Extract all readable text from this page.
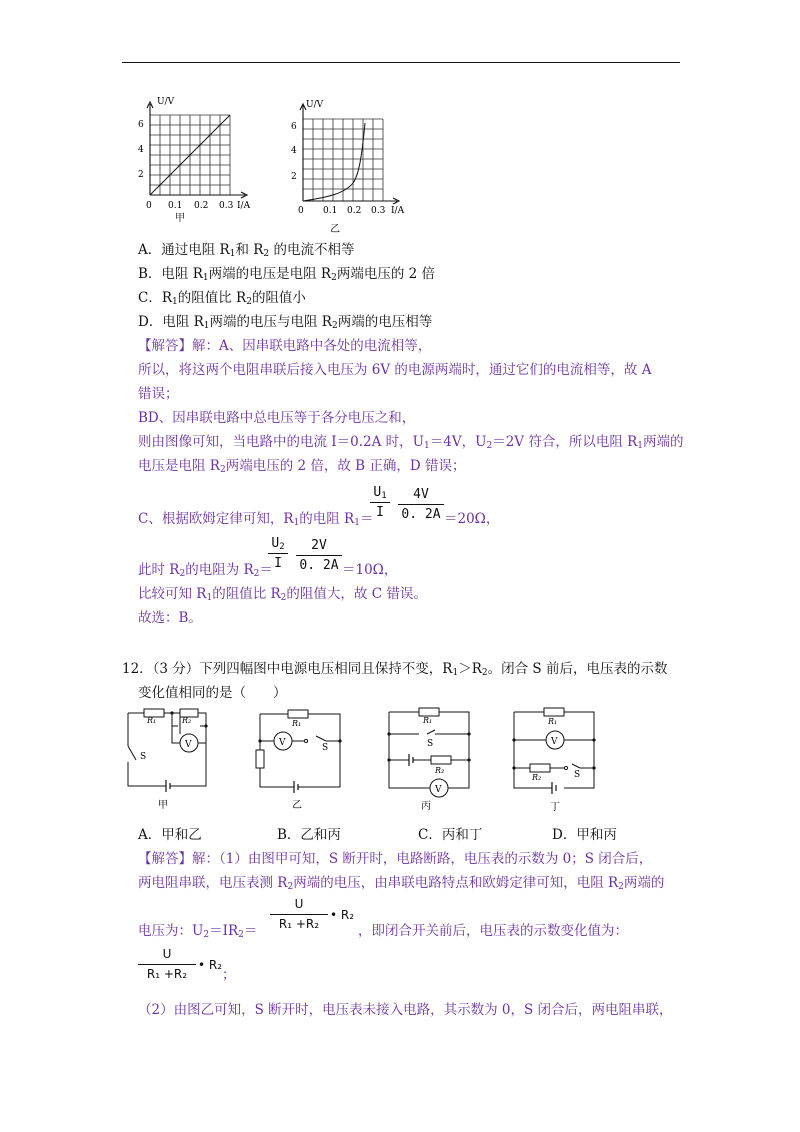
U/V
6
4
2
0 0.1 0.2 0.3 I/A
甲
U/V
6
4
2
0 0.1 0.2 0.3 I/A
乙
A．通过电阻 $R_1$和 $R_2$ 的电流不相等
B．电阻 $R_1$两端的电压是电阻 $R_2$两端电压的 2 倍
C．$R_1$的阻值比 $R_2$的阻值小
D．电阻 $R_1$两端的电压与电阻 $R_2$两端的电压相等
【解答】解：A、因串联电路中各处的电流相等，
所以，将这两个电阻串联后接入电压为 6V 的电源两端时，通过它们的电流相等，故 A
错误；
BD、因串联电路中总电压等于各分电压之和，
则由图像可知，当电路中的电流 I＝0.2A 时，$U_1=4V$，$U_2=2V$ 符合，所以电阻 $R_1$两端的
电压是电阻 $R_2$两端电压的 2 倍，故 B 正确，D 错误；
C、根据欧姆定律可知，$R_1$的电阻 $R_1=$
$U_1$
I
4V
0. 2A ＝20Ω，
此时 $R_2$的电阻为 $R_2=$
$U_2$
I
2V
0. 2A ＝10Ω，
比较可知 $R_1$的阻值比 $R_2$的阻值大，故 C 错误。
故选：B。
12．（3 分）下列四幅图中电源电压相同且保持不变，$R_1>R_2$。闭合 S 前后，电压表的示数
变化值相同的是（　　）
R₁	R₂
V
S
甲
R₁
V	S
乙
R₁
S
R₂
V
丙
R₁
V
R₂	S
丁
A．甲和乙	B．乙和丙	C．丙和丁	D．甲和丙
【解答】解：（1）由图甲可知，S 断开时，电路断路，电压表的示数为 0；S 闭合后，
两电阻串联，电压表测 $R_2$两端的电压，由串联电路特点和欧姆定律可知，电阻 $R_2$两端的
电压为：$U_2=IR_2=$
U
R₁ +R₂
• R₂
，即闭合开关前后，电压表的示数变化值为：
U
R₁ +R₂
• R₂
；
（2）由图乙可知，S 断开时，电压表未接入电路，其示数为 0，S 闭合后，两电阻串联，
